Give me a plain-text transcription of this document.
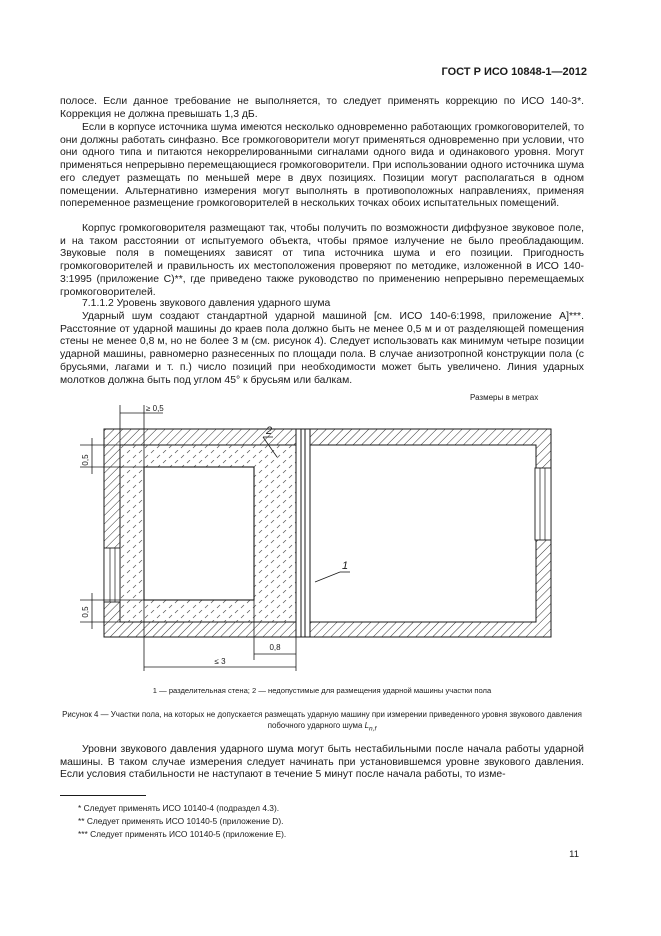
ГОСТ Р ИСО 10848-1—2012

полосе. Если данное требование не выполняется, то следует применять коррекцию по ИСО 140-3*. Коррекция не должна превышать 1,3 дБ.

Если в корпусе источника шума имеются несколько одновременно работающих громкоговорителей, то они должны работать синфазно. Все громкоговорители могут применяться одновременно при условии, что они одного типа и питаются некоррелированными сигналами одного вида и одинакового уровня. Могут применяться непрерывно перемещающиеся громкоговорители. При использовании одного источника шума его следует размещать по меньшей мере в двух позициях. Позиции могут располагаться в одном помещении. Альтернативно измерения могут выполнять в противоположных направлениях, применяя попеременное размещение громкоговорителей в нескольких точках обоих испытательных помещений.

Корпус громкоговорителя размещают так, чтобы получить по возможности диффузное звуковое поле, и на таком расстоянии от испытуемого объекта, чтобы прямое излучение не было преобладающим. Звуковые поля в помещениях зависят от типа источника шума и его позиции. Пригодность громкоговорителей и правильность их местоположения проверяют по методике, изложенной в ИСО 140-3:1995 (приложение С)**, где приведено также руководство по применению непрерывно перемещаемых громкоговорителей.

7.1.1.2 Уровень звукового давления ударного шума

Ударный шум создают стандартной ударной машиной [см. ИСО 140-6:1998, приложение А]***. Расстояние от ударной машины до краев пола должно быть не менее 0,5 м и от разделяющей помещения стены не менее 0,8 м, но не более 3 м (см. рисунок 4). Следует использовать как минимум четыре позиции ударной машины, равномерно разнесенных по площади пола. В случае анизотропной конструкции пола (с брусьями, лагами и т. п.) число позиций при необходимости может быть увеличено. Линия ударных молотков должна быть под углом 45° к брусьям или балкам.

Размеры в метрах
≥ 0,5
0,5
0,5
0,8
≤ 3
2
1
1 — разделительная стена; 2 — недопустимые для размещения ударной машины участки пола
Рисунок 4 — Участки пола, на которых не допускается размещать ударную машину при измерении приведенного уровня звукового давления побочного ударного шума $L_{n,f}$

Уровни звукового давления ударного шума могут быть нестабильными после начала работы ударной машины. В таком случае измерения следует начинать при установившемся уровне звукового давления. Если условия стабильности не наступают в течение 5 минут после начала работы, то изме-

* Следует применять ИСО 10140-4 (подраздел 4.3).
** Следует применять ИСО 10140-5 (приложение D).
*** Следует применять ИСО 10140-5 (приложение E).
11
